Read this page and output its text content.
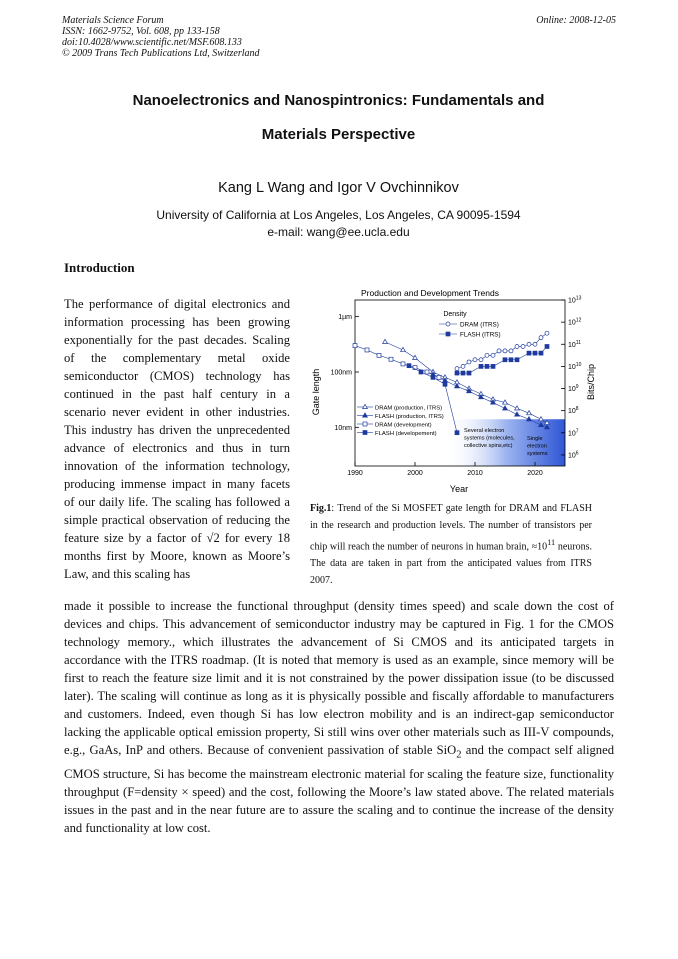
Materials Science Forum
ISSN: 1662-9752, Vol. 608, pp 133-158
doi:10.4028/www.scientific.net/MSF.608.133
© 2009 Trans Tech Publications Ltd, Switzerland
Online: 2008-12-05
Nanoelectronics and Nanospintronics: Fundamentals and
Materials Perspective
Kang L Wang and Igor V Ovchinnikov
University of California at Los Angeles, Los Angeles, CA 90095-1594
e-mail: wang@ee.ucla.edu
Introduction
The performance of digital electronics and information processing has been growing exponentially for the past decades. Scaling of the complementary metal oxide semiconductor (CMOS) technology has continued in the past half century in a scenario never evident in other industries. This industry has driven the unprecedented advance of electronics and thus in turn innovation of the information technology, producing immense impact in many facets of our daily life. The scaling has followed a simple practical observation of reducing the feature size by a factor of √2 for every 18 months first by Moore, known as Moore’s Law, and this scaling has
made it possible to increase the functional throughput (density times speed) and scale down the cost of devices and chips. This advancement of semiconductor industry may be captured in Fig. 1 for the CMOS technology memory., which illustrates the advancement of Si CMOS and its anticipated targets in accordance with the ITRS roadmap. (It is noted that memory is used as an example, since memory will be first to reach the feature size limit and it is not constrained by the power dissipation issue (to be discussed later). The scaling will continue as long as it is physically possible and fiscally affordable to manufacturers and customers. Indeed, even though Si has low electron mobility and is an indirect-gap semiconductor lacking the applicable optical emission property, Si still wins over other materials such as III-V compounds, e.g., GaAs, InP and others. Because of convenient passivation of stable SiO$_2$ and the compact self aligned CMOS structure, Si has become the mainstream electronic material for scaling the feature size, functionality throughput (F=density × speed) and the cost, following the Moore’s law stated above. The related materials issues in the past and in the near future are to assure the scaling and to continue the increase of the density and functionality at low cost.
Production and Development Trends
1990	2000	2010	2020
1µm
100nm
10nm
$10^6$
$10^7$
$10^8$
$10^9$
$10^{10}$
$10^{11}$
$10^{12}$
$10^{13}$
DRAM (ITRS)
FLASH (ITRS)
DRAM (production, ITRS)
FLASH (production, ITRS)
DRAM (development)
FLASH (developement)	Several electron
systems (molecules,
collective spins,etc)
Single
electron
systems
Year
Gate length	Bits/Chip
Density
Fig.1: Trend of the Si MOSFET gate length for DRAM and FLASH in the research and production levels. The number of transistors per chip will reach the number of neurons in human brain, $\approx 10^{11}$ neurons. The data are taken in part from the anticipated values from ITRS 2007.
